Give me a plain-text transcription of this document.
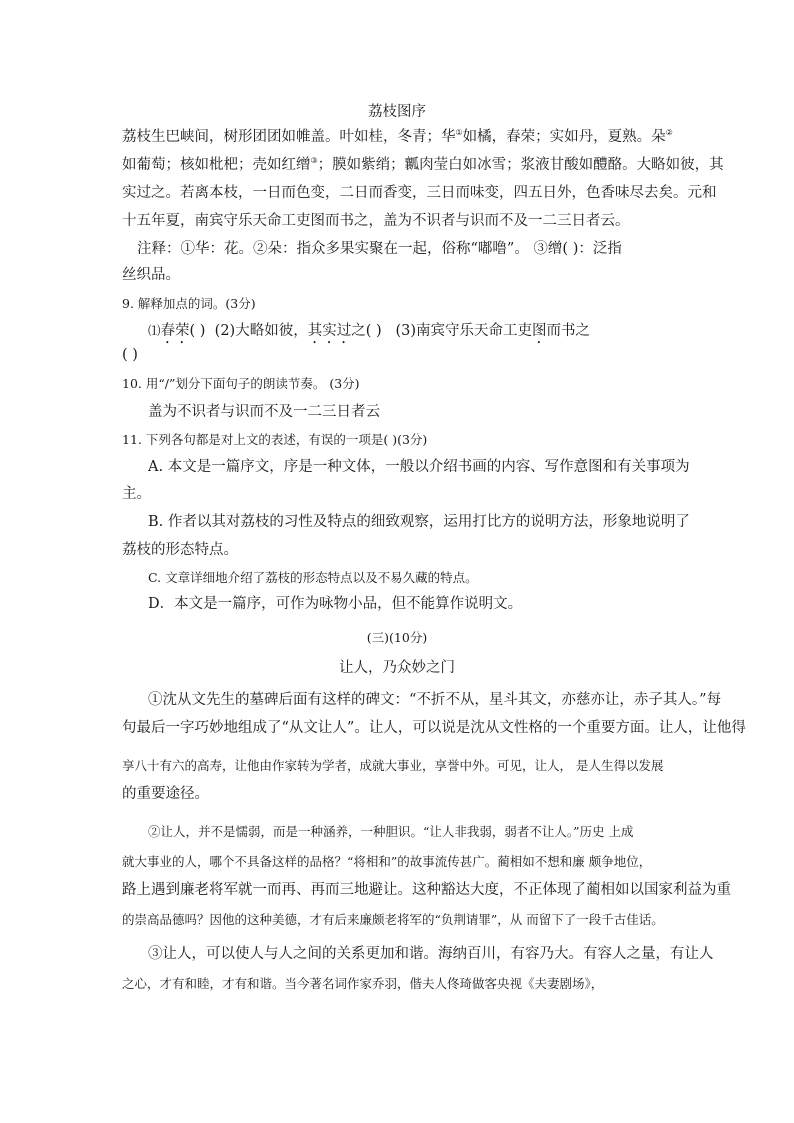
荔枝图序
荔枝生巴峡间，树形团团如帷盖。叶如桂，冬青；华①如橘，春荣；实如丹，夏熟。朵②
如葡萄；核如枇杷；壳如红缯③；膜如紫绡；瓤肉莹白如冰雪；浆液甘酸如醴酪。大略如彼，其
实过之。若离本枝，一日而色变，二日而香变，三日而味变，四五日外，色香味尽去矣。元和
十五年夏，南宾守乐天命工吏图而书之，盖为不识者与识而不及一二三日者云。
注释：①华：花。②朵：指众多果实聚在一起，俗称“嘟噜”。 ③缯( )：泛指
丝织品。
9. 解释加点的词。(3分)
⑴春荣( ) (2)大略如彼，其实过之( ) (3)南宾守乐天命工吏图而书之
( )
10. 用“/”划分下面句子的朗读节奏。 (3分)
盖为不识者与识而不及一二三日者云
11. 下列各句都是对上文的表述，有误的一项是( )(3分)
A. 本文是一篇序文，序是一种文体，一般以介绍书画的内容、写作意图和有关事项为
主。
B. 作者以其对荔枝的习性及特点的细致观察，运用打比方的说明方法，形象地说明了
荔枝的形态特点。
C. 文章详细地介绍了荔枝的形态特点以及不易久藏的特点。
D．本文是一篇序，可作为咏物小品，但不能算作说明文。
(三)(10分)
让人，乃众妙之门
①沈从文先生的墓碑后面有这样的碑文：“不折不从，星斗其文，亦慈亦让，赤子其人。”每
句最后一字巧妙地组成了“从文让人”。让人，可以说是沈从文性格的一个重要方面。让人，让他得
享八十有六的高寿，让他由作家转为学者，成就大事业，享誉中外。可见，让人， 是人生得以发展
的重要途径。
②让人，并不是懦弱，而是一种涵养，一种胆识。“让人非我弱，弱者不让人。”历史 上成
就大事业的人，哪个不具备这样的品格？“将相和”的故事流传甚广。蔺相如不想和廉 颇争地位，
路上遇到廉老将军就一而再、再而三地避让。这种豁达大度，不正体现了蔺相如以国家利益为重
的崇高品德吗？因他的这种美德，才有后来廉颇老将军的“负荆请罪”，从 而留下了一段千古佳话。
③让人，可以使人与人之间的关系更加和谐。海纳百川，有容乃大。有容人之量，有让人
之心，才有和睦，才有和谐。当今著名词作家乔羽，偕夫人佟琦做客央视《夫妻剧场》，
